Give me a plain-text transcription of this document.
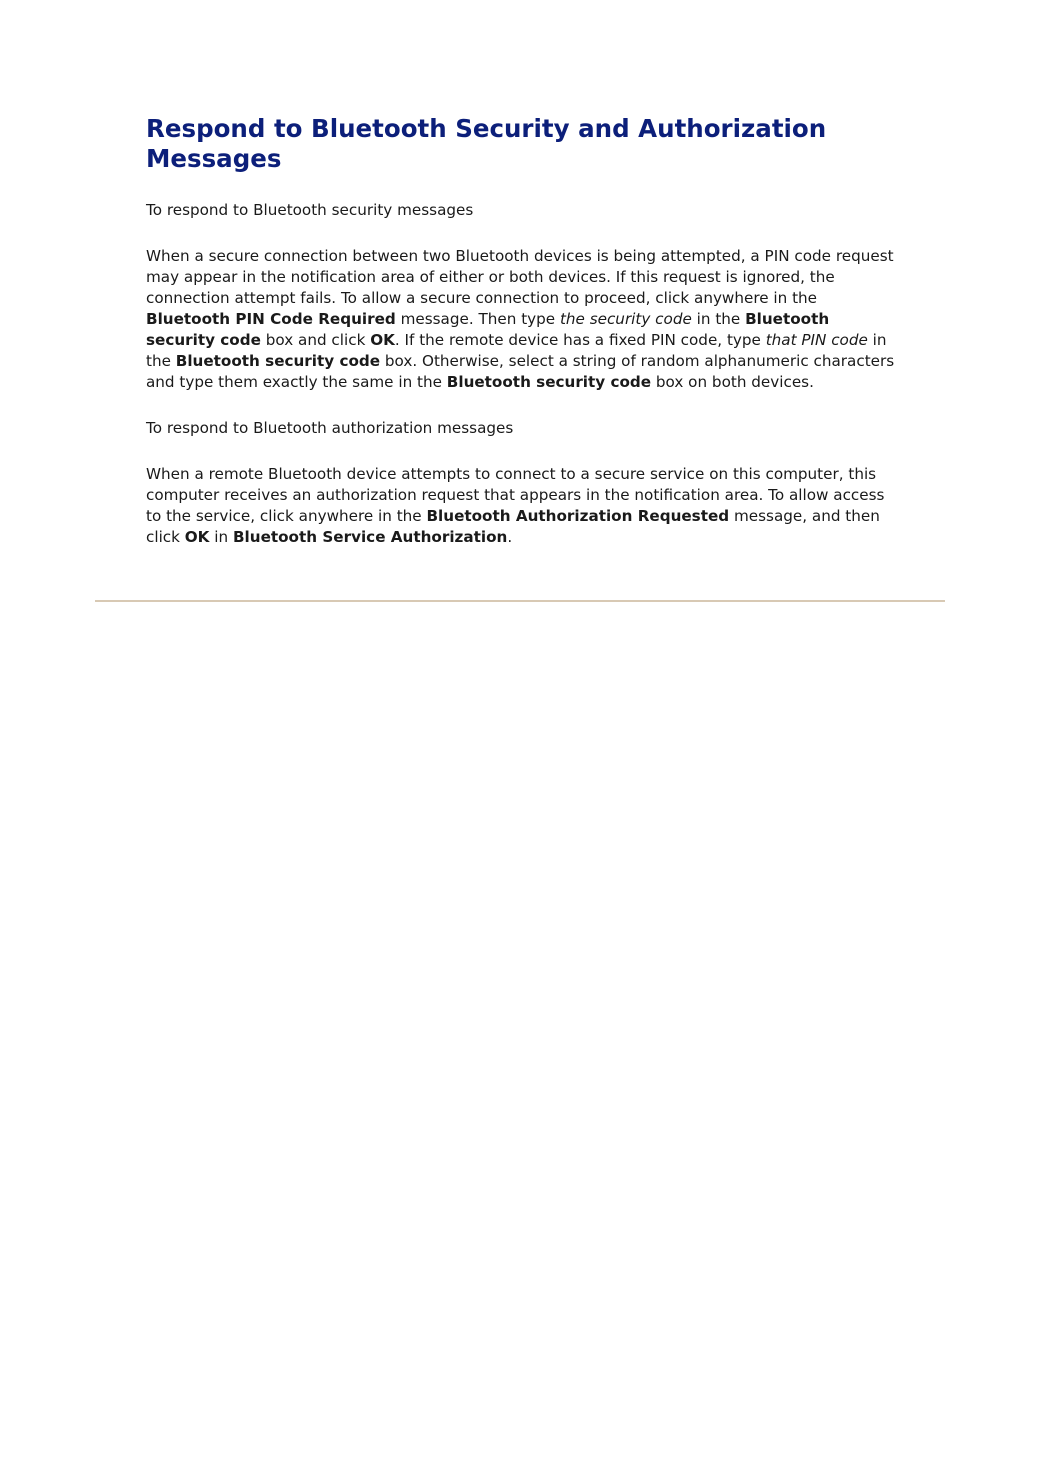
Respond to Bluetooth Security and Authorization Messages

To respond to Bluetooth security messages

When a secure connection between two Bluetooth devices is being attempted, a PIN code request may appear in the notification area of either or both devices. If this request is ignored, the connection attempt fails. To allow a secure connection to proceed, click anywhere in the Bluetooth PIN Code Required message. Then type the security code in the Bluetooth security code box and click OK. If the remote device has a fixed PIN code, type that PIN code in the Bluetooth security code box. Otherwise, select a string of random alphanumeric characters and type them exactly the same in the Bluetooth security code box on both devices.

To respond to Bluetooth authorization messages

When a remote Bluetooth device attempts to connect to a secure service on this computer, this computer receives an authorization request that appears in the notification area. To allow access to the service, click anywhere in the Bluetooth Authorization Requested message, and then click OK in Bluetooth Service Authorization.
